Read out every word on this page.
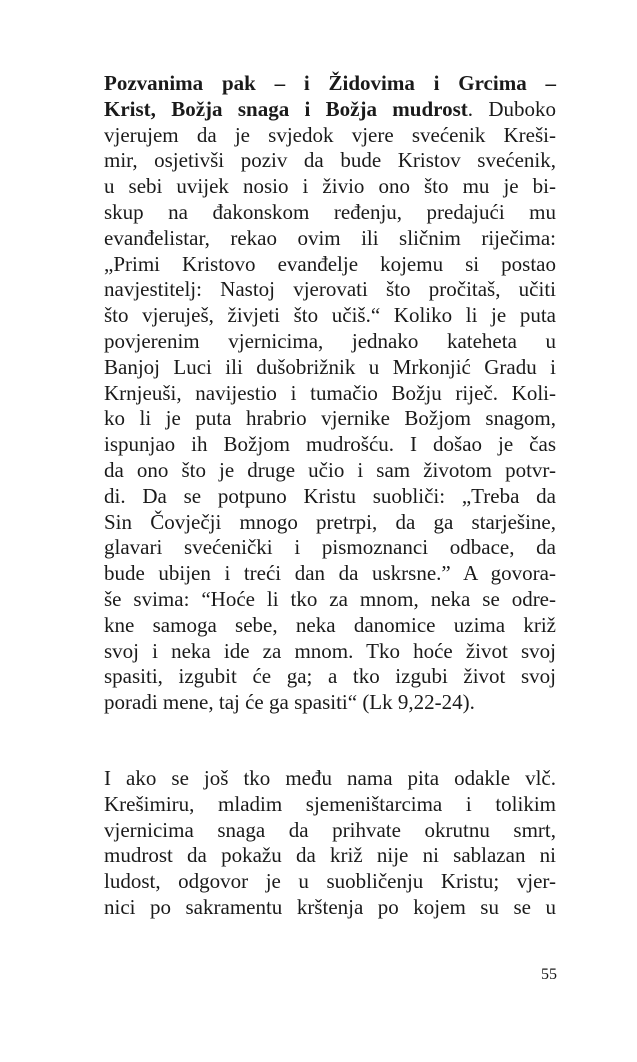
Pozvanima pak – i Židovima i Grcima –
Krist, Božja snaga i Božja mudrost. Duboko
vjerujem da je svjedok vjere svećenik Kreši-
mir, osjetivši poziv da bude Kristov svećenik,
u sebi uvijek nosio i živio ono što mu je bi-
skup na đakonskom ređenju, predajući mu
evanđelistar, rekao ovim ili sličnim riječima:
„Primi Kristovo evanđelje kojemu si postao
navjestitelj: Nastoj vjerovati što pročitaš, učiti
što vjeruješ, živjeti što učiš.“ Koliko li je puta
povjerenim vjernicima, jednako kateheta u
Banjoj Luci ili dušobrižnik u Mrkonjić Gradu i
Krnjeuši, navijestio i tumačio Božju riječ. Koli-
ko li je puta hrabrio vjernike Božjom snagom,
ispunjao ih Božjom mudrošću. I došao je čas
da ono što je druge učio i sam životom potvr-
di. Da se potpuno Kristu suobliči: „Treba da
Sin Čovječji mnogo pretrpi, da ga starješine,
glavari svećenički i pismoznanci odbace, da
bude ubijen i treći dan da uskrsne.” A govora-
še svima: “Hoće li tko za mnom, neka se odre-
kne samoga sebe, neka danomice uzima križ
svoj i neka ide za mnom. Tko hoće život svoj
spasiti, izgubit će ga; a tko izgubi život svoj
poradi mene, taj će ga spasiti“ (Lk 9,22-24).
I ako se još tko među nama pita odakle vlč.
Krešimiru, mladim sjemeništarcima i tolikim
vjernicima snaga da prihvate okrutnu smrt,
mudrost da pokažu da križ nije ni sablazan ni
ludost, odgovor je u suobličenju Kristu; vjer-
nici po sakramentu krštenja po kojem su se u
55
